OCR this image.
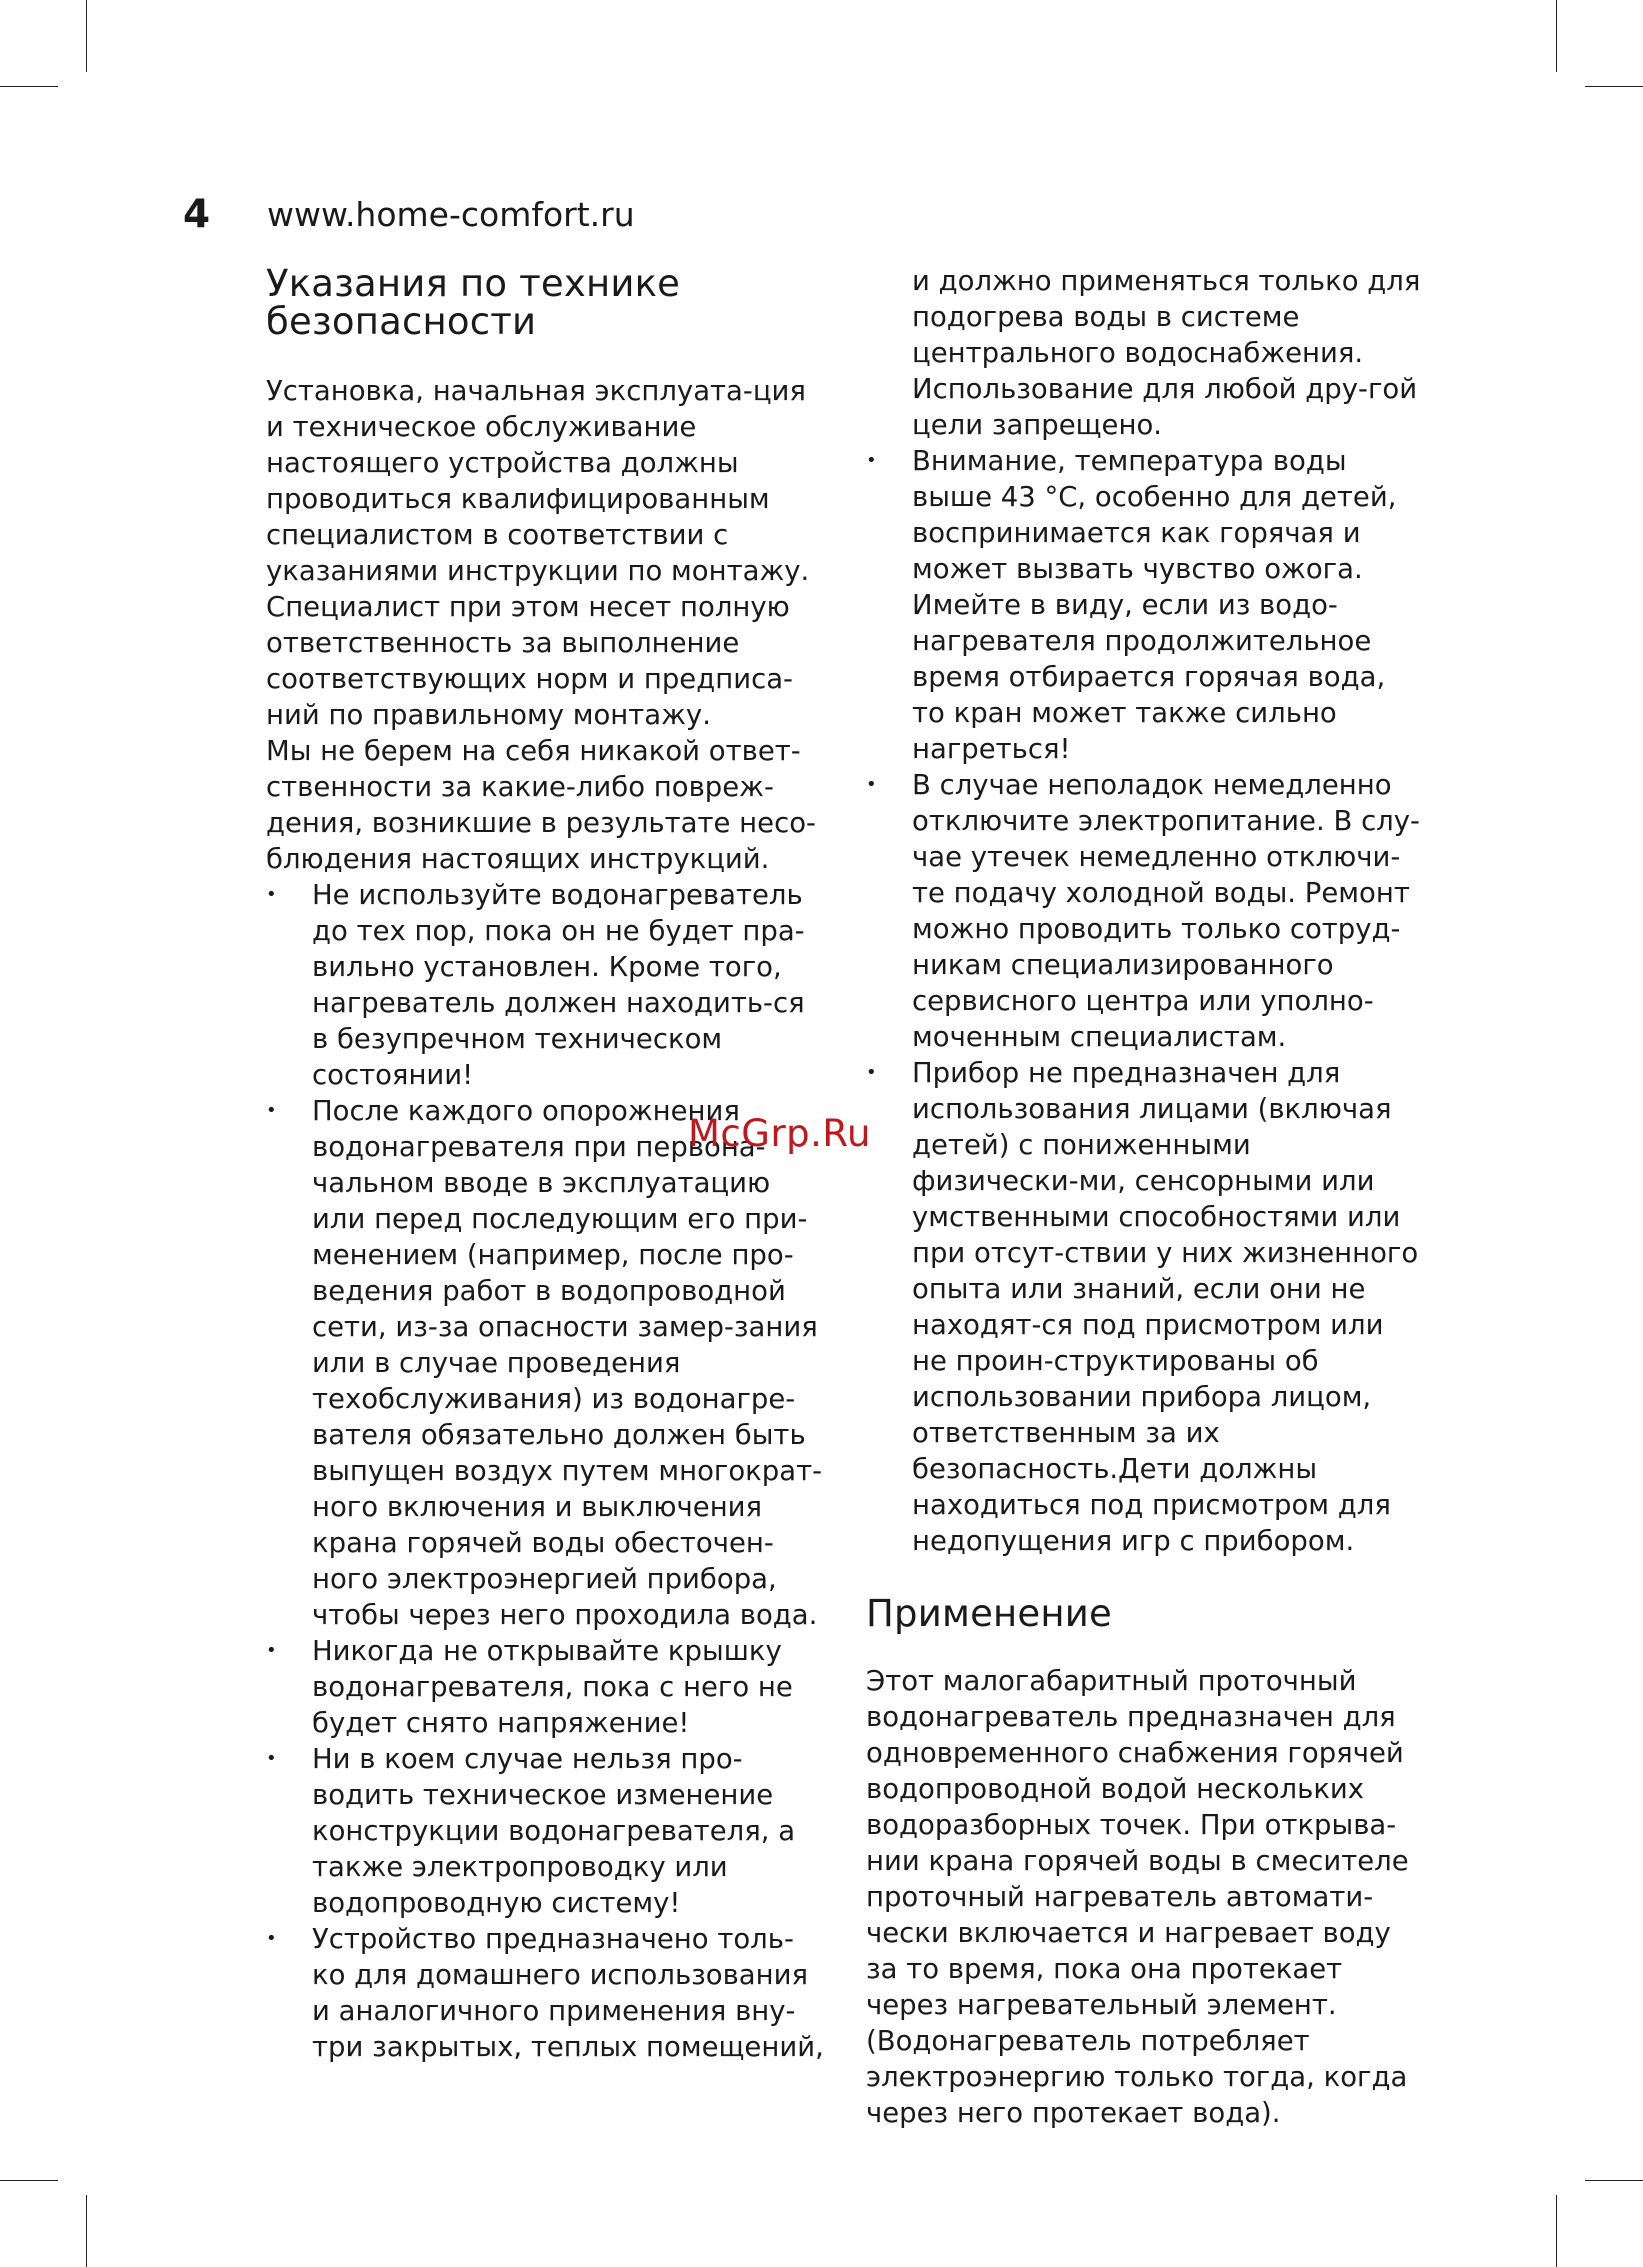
4 www.home-comfort.ru
Указания по технике
безопасности

Установка, начальная эксплуата-ция и техническое обслуживание настоящего устройства должны проводиться квалифицированным специалистом в соответствии с указаниями инструкции по монтажу. Специалист при этом несет полную ответственность за выполнение соответствующих норм и предписа-ний по правильному монтажу.

Мы не берем на себя никакой ответ-ственности за какие-либо повреж-дения, возникшие в результате несо-блюдения настоящих инструкций.

• Не используйте водонагреватель до тех пор, пока он не будет пра-вильно установлен. Кроме того, нагреватель должен находить-ся в безупречном техническом состоянии!
• После каждого опорожнения водонагревателя при первона-чальном вводе в эксплуатацию или перед последующим его при-менением (например, после про-ведения работ в водопроводной сети, из-за опасности замер-зания или в случае проведения техобслуживания) из водонагре-вателя обязательно должен быть выпущен воздух путем многократ-ного включения и выключения крана горячей воды обесточен-ного электроэнергией прибора, чтобы через него проходила вода.
• Никогда не открывайте крышку водонагревателя, пока с него не будет снято напряжение!
• Ни в коем случае нельзя про-водить техническое изменение конструкции водонагревателя, а также электропроводку или водопроводную систему!
• Устройство предназначено толь-ко для домашнего использования и аналогичного применения вну-три закрытых, теплых помещений,

и должно применяться только для подогрева воды в системе центрального водоснабжения. Использование для любой дру-гой цели запрещено.

• Внимание, температура воды выше 43 °С, особенно для детей, воспринимается как горячая и может вызвать чувство ожога. Имейте в виду, если из водо-нагревателя продолжительное время отбирается горячая вода, то кран может также сильно нагреться!
• В случае неполадок немедленно отключите электропитание. В слу-чае утечек немедленно отключи-те подачу холодной воды. Ремонт можно проводить только сотруд-никам специализированного сервисного центра или уполно-моченным специалистам.
• Прибор не предназначен для использования лицами (включая детей) с пониженными физически-ми, сенсорными или умственными способностями или при отсут-ствии у них жизненного опыта или знаний, если они не находят-ся под присмотром или не проин-структированы об использовании прибора лицом, ответственным за их безопасность.Дети должны находиться под присмотром для недопущения игр с прибором.
Применение

Этот малогабаритный проточный водонагреватель предназначен для одновременного снабжения горячей водопроводной водой нескольких водоразборных точек. При открыва-нии крана горячей воды в смесителе проточный нагреватель автомати-чески включается и нагревает воду за то время, пока она протекает через нагревательный элемент. (Водонагреватель потребляет электроэнергию только тогда, когда через него протекает вода).

McGrp.Ru
